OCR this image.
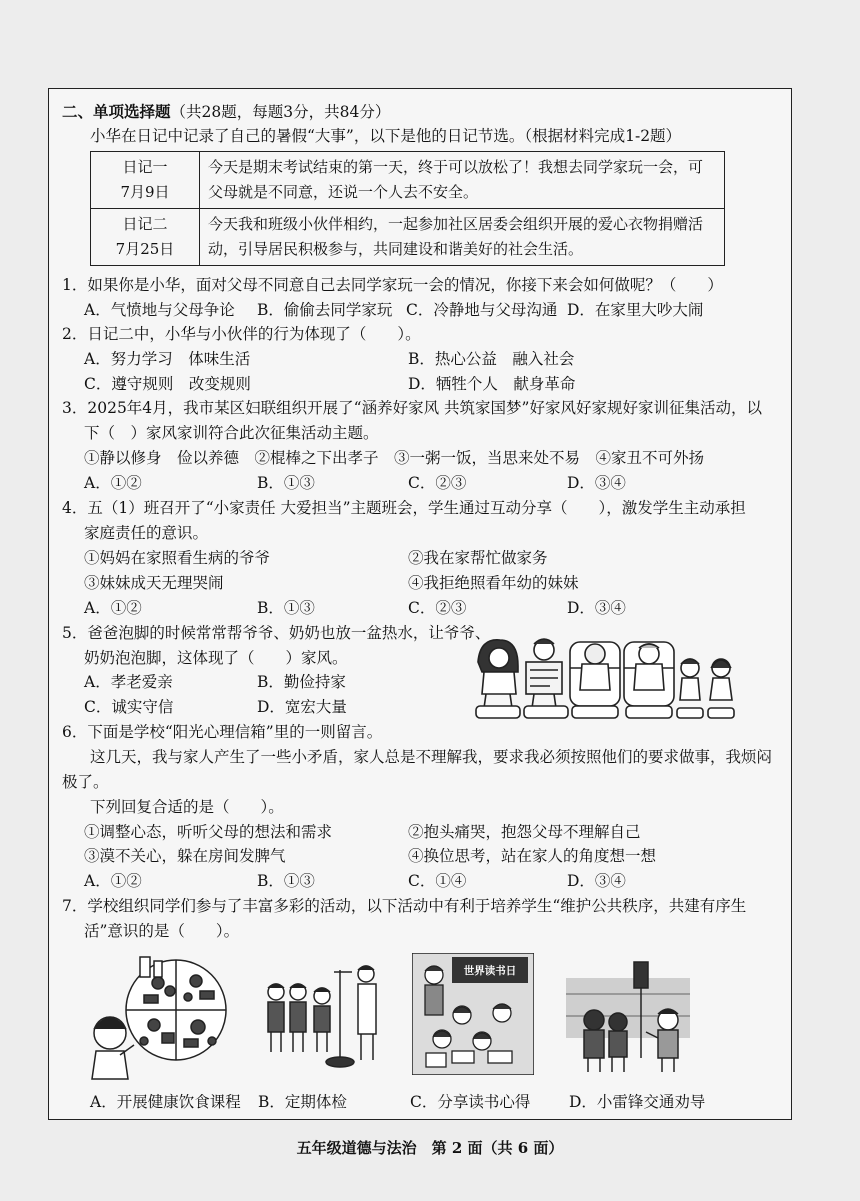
二、单项选择题（共28题，每题3分，共84分）
小华在日记中记录了自己的暑假“大事”，以下是他的日记节选。（根据材料完成1-2题）
日记一
7月9日	今天是期末考试结束的第一天，终于可以放松了！我想去同学家玩一会，可
父母就是不同意，还说一个人去不安全。
日记二
7月25日	今天我和班级小伙伴相约，一起参加社区居委会组织开展的爱心衣物捐赠活
动，引导居民积极参与，共同建设和谐美好的社会生活。
1．如果你是小华，面对父母不同意自己去同学家玩一会的情况，你接下来会如何做呢？（　　）
A．气愤地与父母争论 B．偷偷去同学家玩 C．冷静地与父母沟通 D．在家里大吵大闹
2．日记二中，小华与小伙伴的行为体现了（　　）。
A．努力学习　体味生活	B．热心公益　融入社会
C．遵守规则　改变规则	D．牺牲个人　献身革命
3．2025年4月，我市某区妇联组织开展了“涵养好家风 共筑家国梦”好家风好家规好家训征集活动，以
下（　）家风家训符合此次征集活动主题。
①静以修身　俭以养德　②棍棒之下出孝子　③一粥一饭，当思来处不易　④家丑不可外扬
A．①②	B．①③	C．②③	D．③④
4．五（1）班召开了“小家责任 大爱担当”主题班会，学生通过互动分享（　　），激发学生主动承担
家庭责任的意识。
①妈妈在家照看生病的爷爷	②我在家帮忙做家务
③妹妹成天无理哭闹	④我拒绝照看年幼的妹妹
A．①②	B．①③	C．②③	D．③④
5．爸爸泡脚的时候常常帮爷爷、奶奶也放一盆热水，让爷爷、
奶奶泡泡脚，这体现了（　　）家风。
A．孝老爱亲	B．勤俭持家
C．诚实守信	D．宽宏大量
6．下面是学校“阳光心理信箱”里的一则留言。
这几天，我与家人产生了一些小矛盾，家人总是不理解我，要求我必须按照他们的要求做事，我烦闷
极了。
下列回复合适的是（　　）。
①调整心态，听听父母的想法和需求	②抱头痛哭，抱怨父母不理解自己
③漠不关心，躲在房间发脾气	④换位思考，站在家人的角度想一想
A．①②	B．①③	C．①④	D．③④
7．学校组织同学们参与了丰富多彩的活动，以下活动中有利于培养学生“维护公共秩序，共建有序生
活”意识的是（　　）。
世界读书日
A．开展健康饮食课程 B．定期体检	C．分享读书心得 D．小雷锋交通劝导
五年级道德与法治　 第 2 面（共 6 面）
